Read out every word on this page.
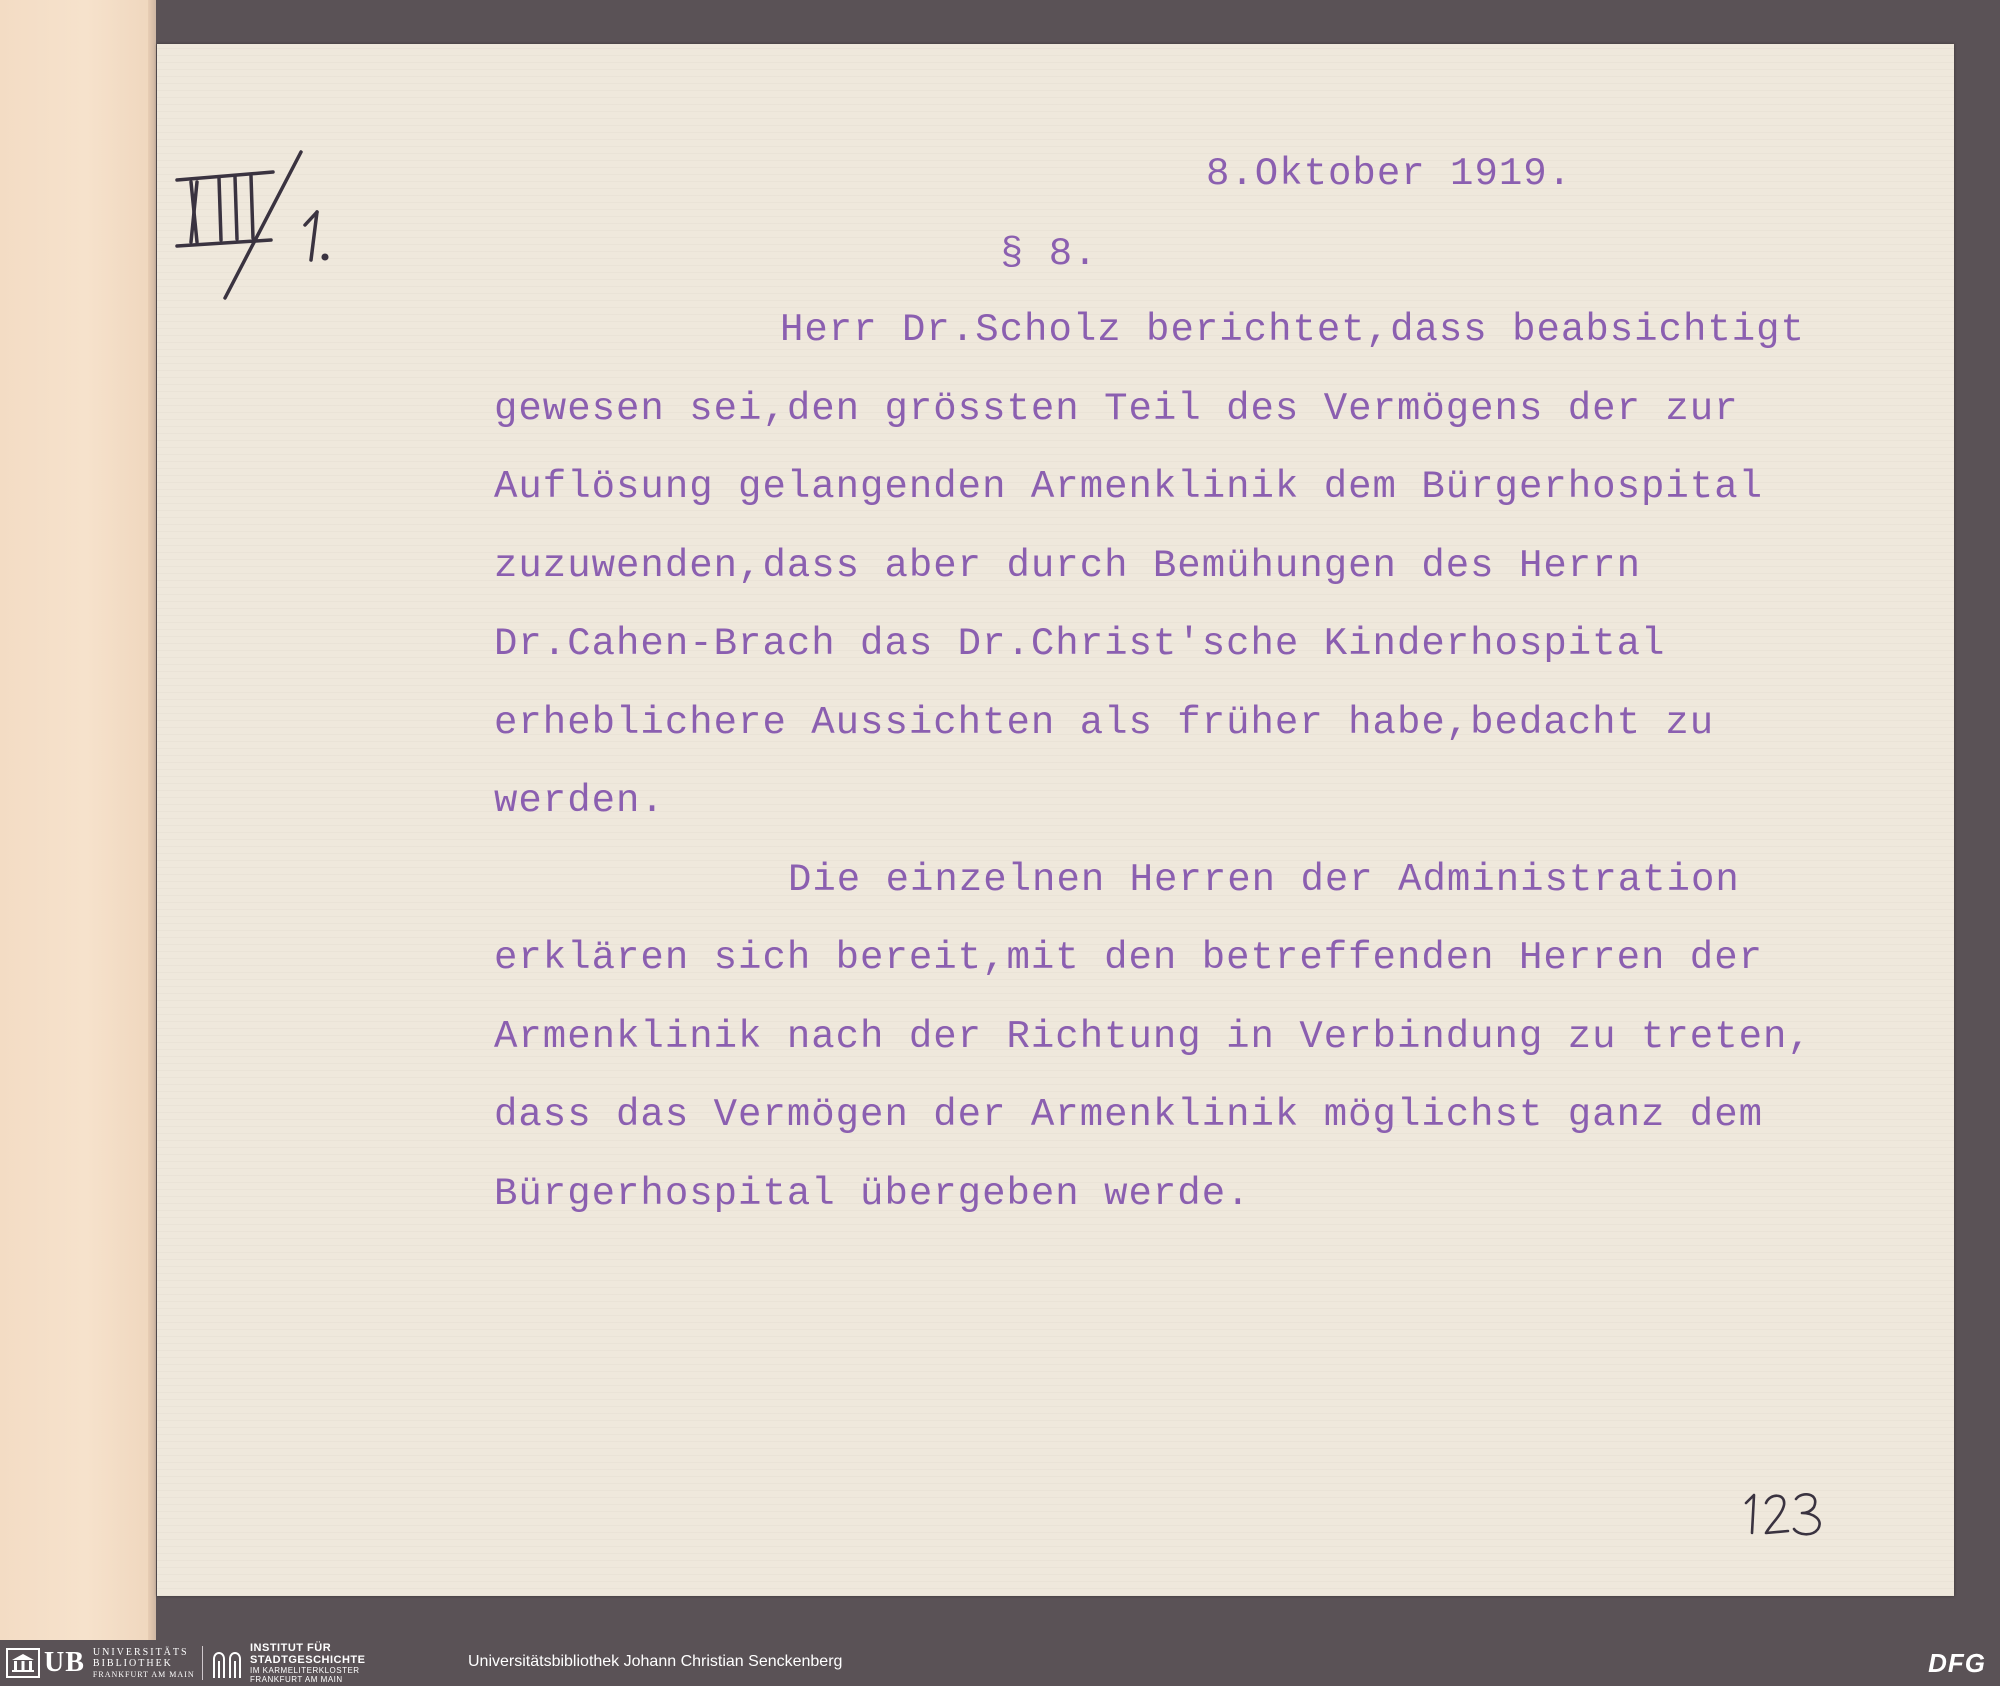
8.Oktober 1919.
§ 8.
Herr Dr.Scholz berichtet,dass beabsichtigt
gewesen sei,den grössten Teil des Vermögens der zur
Auflösung gelangenden Armenklinik dem Bürgerhospital
zuzuwenden,dass aber durch Bemühungen des Herrn
Dr.Cahen-Brach das Dr.Christ'sche Kinderhospital
erheblichere Aussichten als früher habe,bedacht zu
werden.
Die einzelnen Herren der Administration
erklären sich bereit,mit den betreffenden Herren der
Armenklinik nach der Richtung in Verbindung zu treten,
dass das Vermögen der Armenklinik möglichst ganz dem
Bürgerhospital übergeben werde.
UB UNIVERSITÄTS
BIBLIOTHEK
FRANKFURT AM MAIN
INSTITUT FÜR
STADTGESCHICHTE
IM KARMELITERKLOSTER
FRANKFURT AM MAIN
Universitätsbibliothek Johann Christian Senckenberg	DFG
